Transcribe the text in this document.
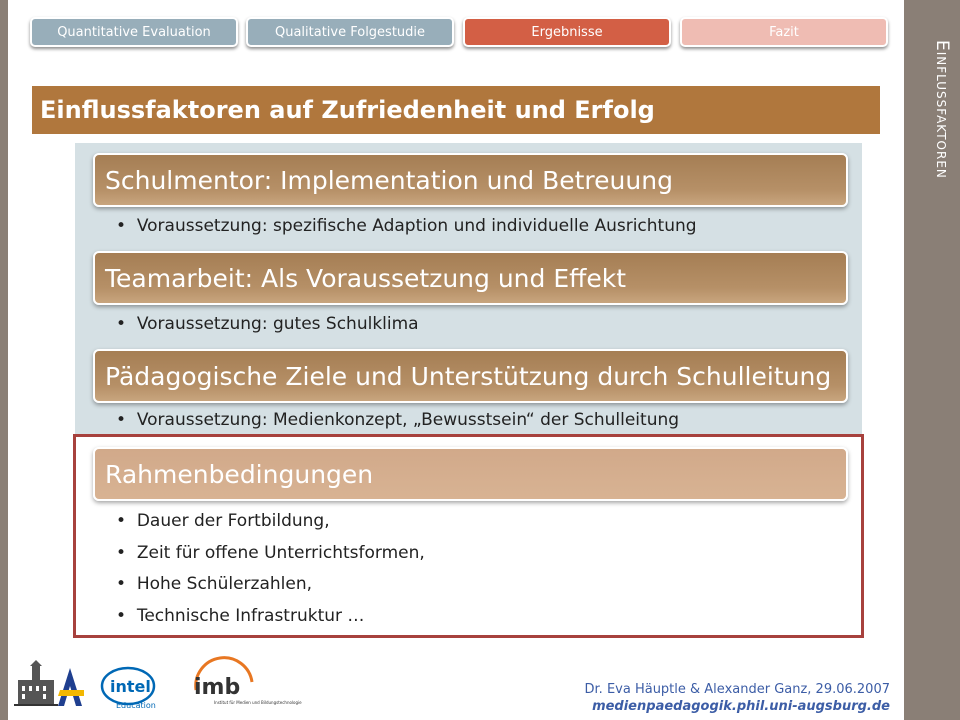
Quantitative Evaluation	Qualitative Folgestudie	Ergebnisse	Fazit
Einflussfaktoren auf Zufriedenheit und Erfolg
Schulmentor: Implementation und Betreuung
•  Voraussetzung: spezifische Adaption und individuelle Ausrichtung
Teamarbeit: Als Voraussetzung und Effekt
•  Voraussetzung: gutes Schulklima
Pädagogische Ziele und Unterstützung durch Schulleitung
•  Voraussetzung: Medienkonzept, „Bewusstsein“ der Schulleitung
Rahmenbedingungen
•  Dauer der Fortbildung,
•  Zeit für offene Unterrichtsformen,
•  Hohe Schülerzahlen,
•  Technische Infrastruktur …
Einflussfaktoren
intel
Education
imb
Institut für Medien und Bildungstechnologie
Dr. Eva Häuptle & Alexander Ganz, 29.06.2007
medienpaedagogik.phil.uni-augsburg.de
